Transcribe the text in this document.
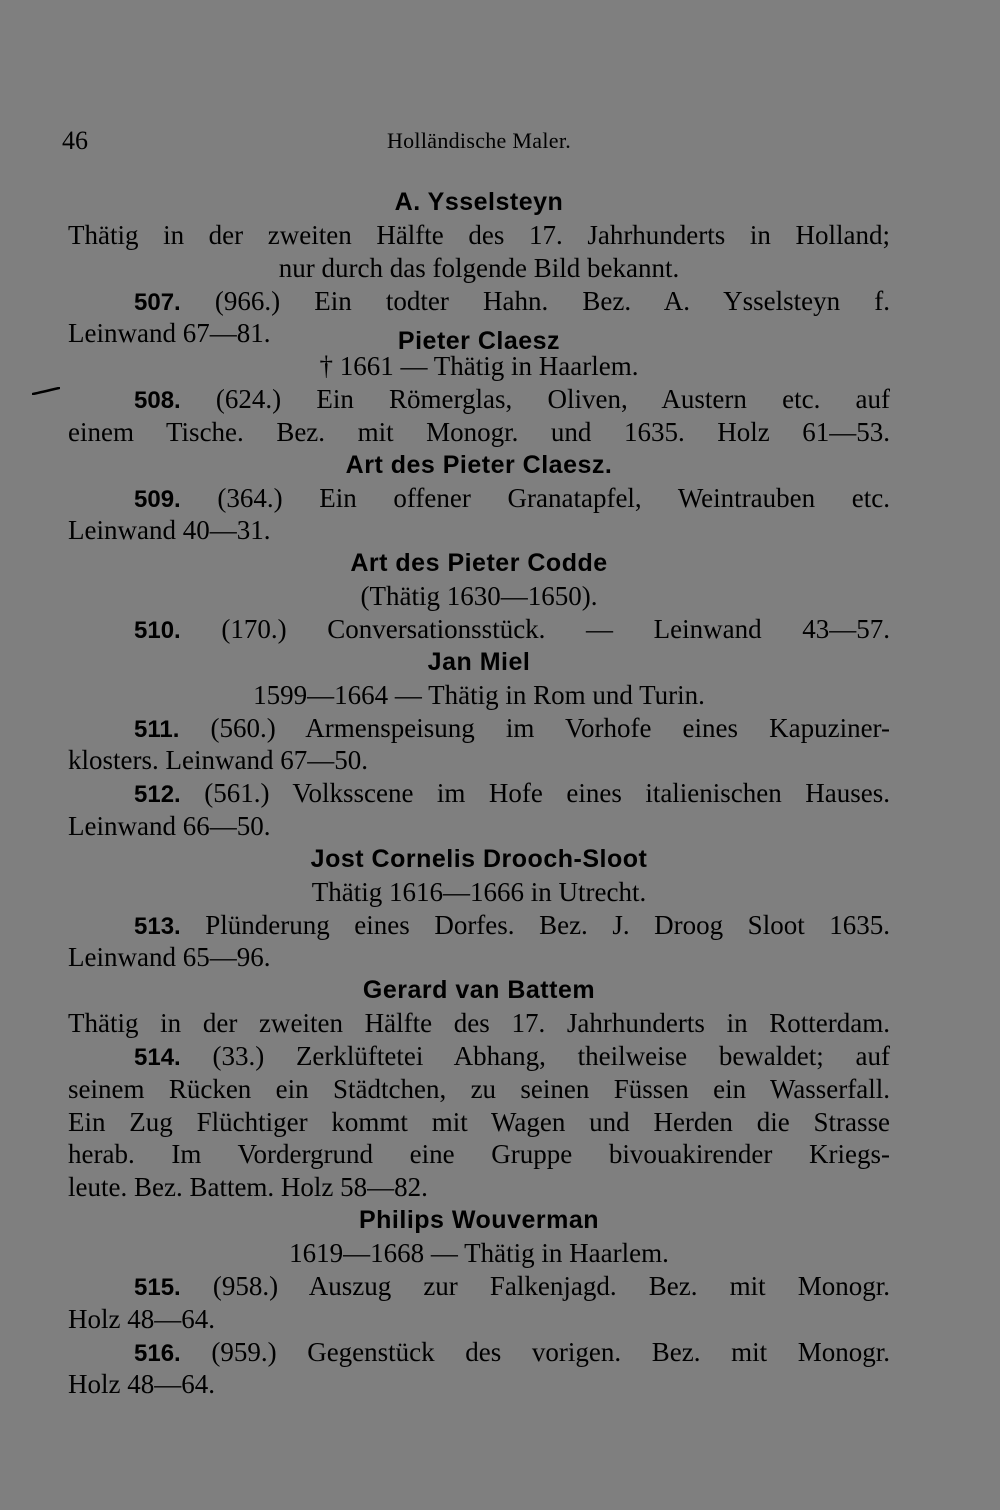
46	Holländische Maler.
A. Ysselsteyn
Thätig in der zweiten Hälfte des 17. Jahrhunderts in Holland;
nur durch das folgende Bild bekannt.
507. (966.) Ein todter Hahn. Bez. A. Ysselsteyn f.
Leinwand 67—81.	Pieter Claesz
† 1661 — Thätig in Haarlem.
508. (624.) Ein Römerglas, Oliven, Austern etc. auf
einem Tische. Bez. mit Monogr. und 1635. Holz 61—53.
Art des Pieter Claesz.
509. (364.) Ein offener Granatapfel, Weintrauben etc.
Leinwand 40—31.
Art des Pieter Codde
(Thätig 1630—1650).
510. (170.) Conversationsstück. — Leinwand 43—57.
Jan Miel
1599—1664 — Thätig in Rom und Turin.
511. (560.) Armenspeisung im Vorhofe eines Kapuziner-
klosters. Leinwand 67—50.
512. (561.) Volksscene im Hofe eines italienischen Hauses.
Leinwand 66—50.
Jost Cornelis Drooch-Sloot
Thätig 1616—1666 in Utrecht.
513. Plünderung eines Dorfes. Bez. J. Droog Sloot 1635.
Leinwand 65—96.
Gerard van Battem
Thätig in der zweiten Hälfte des 17. Jahrhunderts in Rotterdam.
514. (33.) Zerklüftetei Abhang, theilweise bewaldet; auf
seinem Rücken ein Städtchen, zu seinen Füssen ein Wasserfall.
Ein Zug Flüchtiger kommt mit Wagen und Herden die Strasse
herab. Im Vordergrund eine Gruppe bivouakirender Kriegs-
leute. Bez. Battem. Holz 58—82.
Philips Wouverman
1619—1668 — Thätig in Haarlem.
515. (958.) Auszug zur Falkenjagd. Bez. mit Monogr.
Holz 48—64.
516. (959.) Gegenstück des vorigen. Bez. mit Monogr.
Holz 48—64.
